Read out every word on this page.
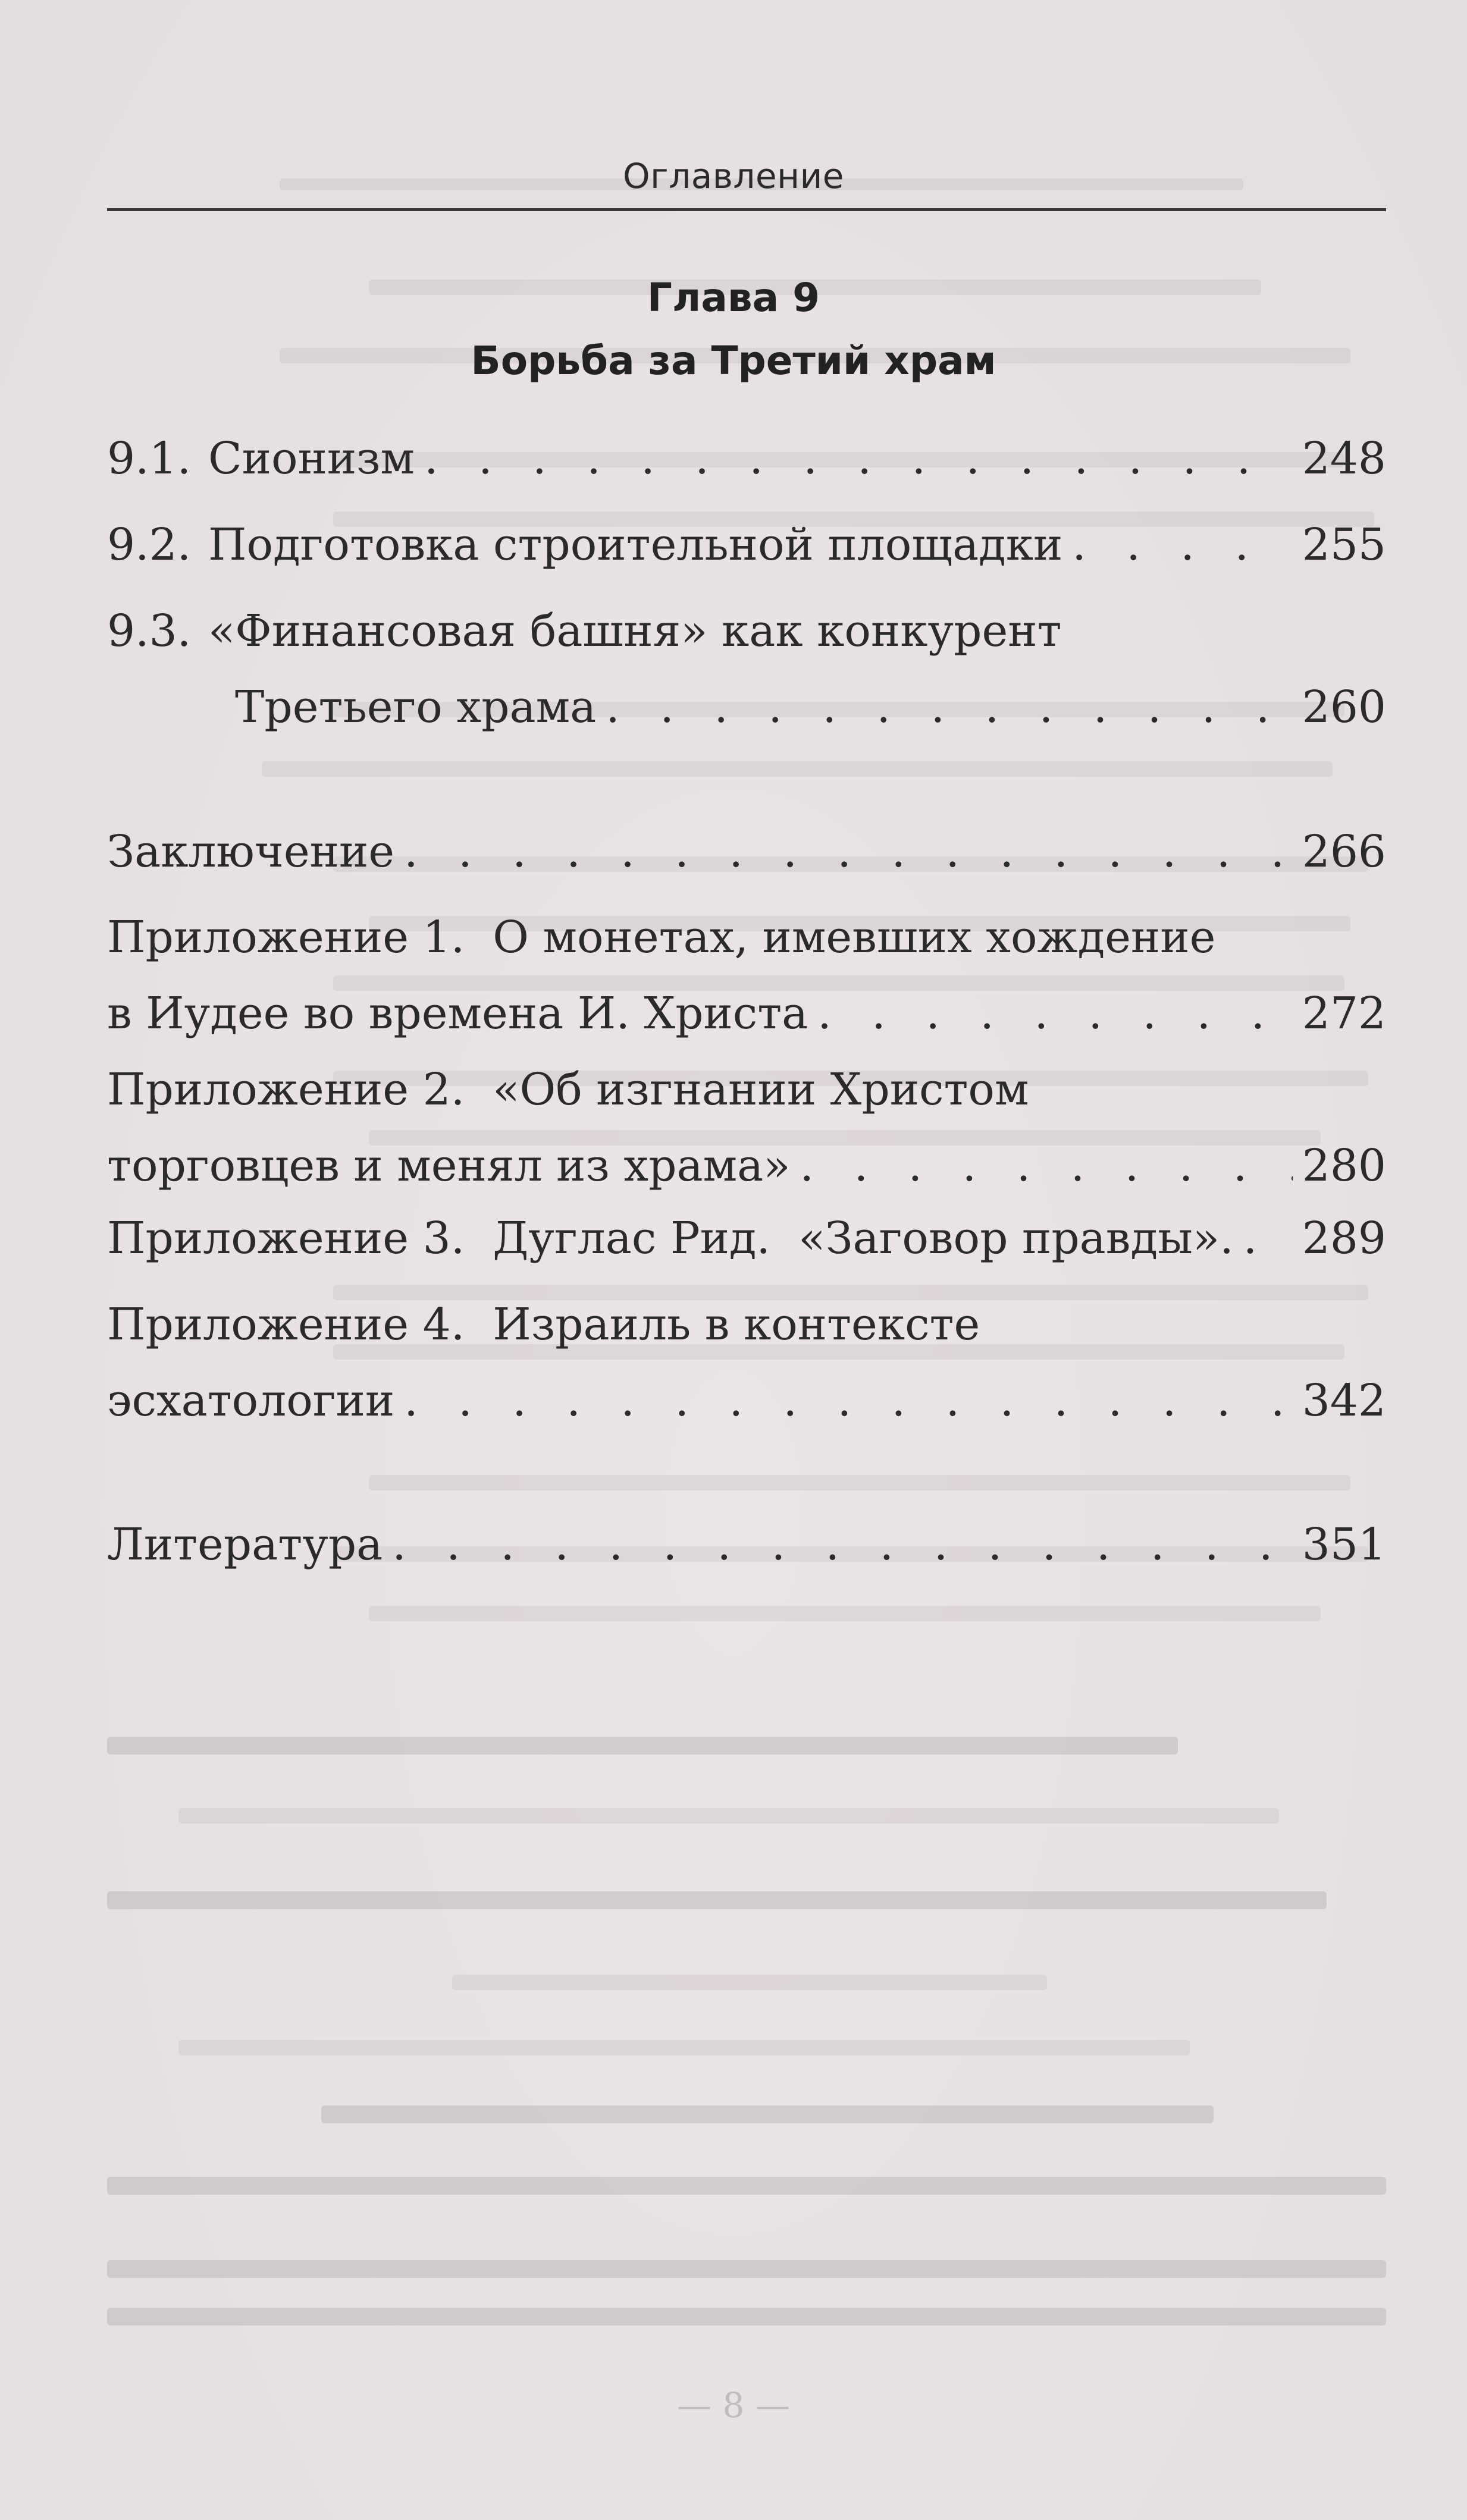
Оглавление
Глава 9
Борьба за Третий храм
9.1. Сионизм . . .	248
9.2. Подготовка строительной площадки . . .	255
9.3. «Финансовая башня» как конкурент
Третьего храма . . .	260
Заключение . . .	266
Приложение 1.  О монетах, имевших хождение
в Иудее во времена И. Христа . . .	272
Приложение 2.  «Об изгнании Христом
торговцев и менял из храма» . . .	280
Приложение 3.  Дуглас Рид.  «Заговор правды». . . . 289
Приложение 4.  Израиль в контексте
эсхатологии . . .	342
Литература . . .	351
— 8 —
